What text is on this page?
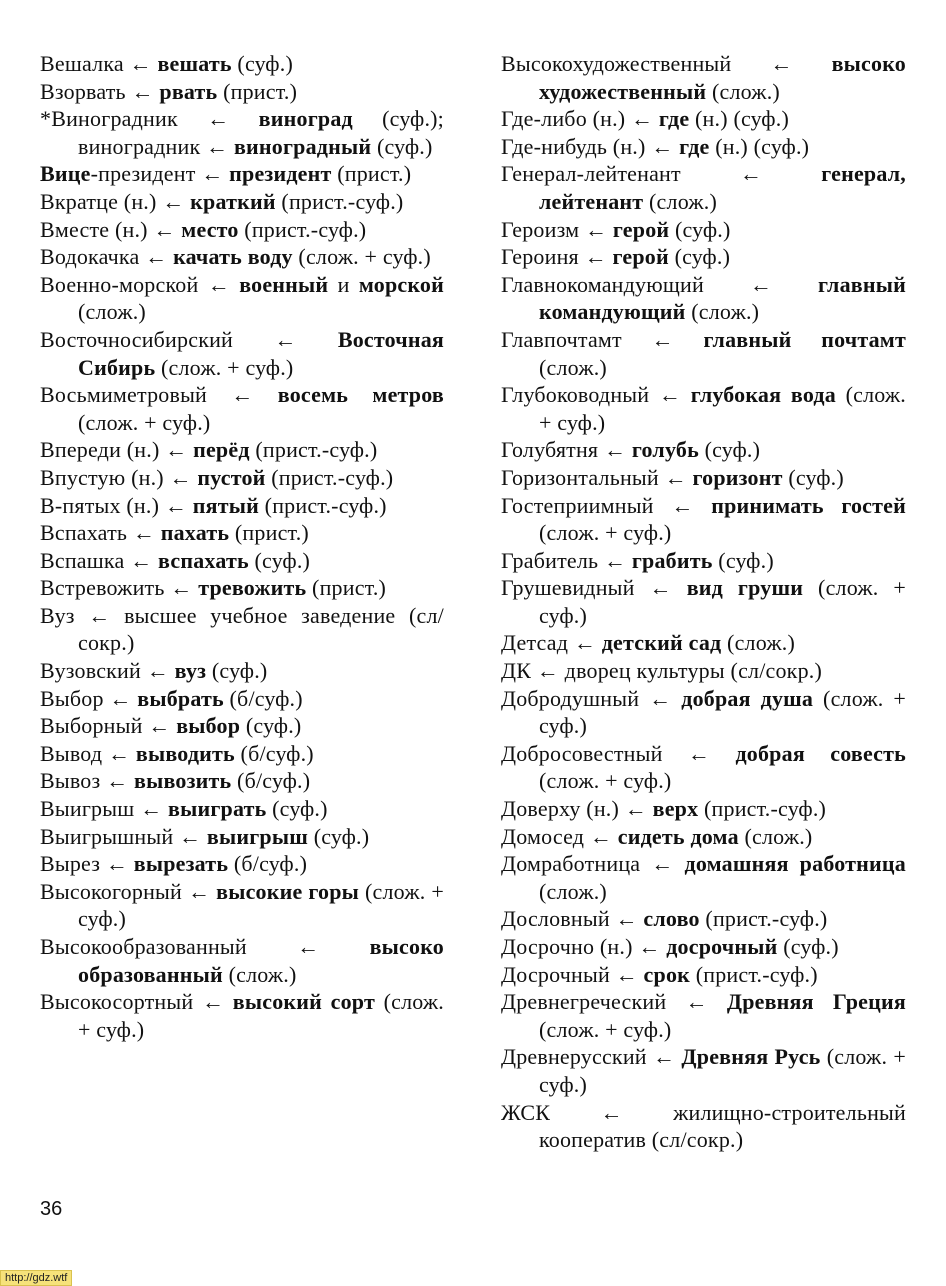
Вешалка ← вешать (суф.)
Взорвать ← рвать (прист.)
*Виноградник ← виноград (суф.); виноградник ← виноградный (суф.)
Вице-президент ← президент (прист.)
Вкратце (н.) ← краткий (прист.-суф.)
Вместе (н.) ← место (прист.-суф.)
Водокачка ← качать воду (слож. + суф.)
Военно-морской ← военный и морской (слож.)
Восточносибирский ← Восточная Сибирь (слож. + суф.)
Восьмиметровый ← восемь метров (слож. + суф.)
Впереди (н.) ← перёд (прист.-суф.)
Впустую (н.) ← пустой (прист.-суф.)
В-пятых (н.) ← пятый (прист.-суф.)
Вспахать ← пахать (прист.)
Вспашка ← вспахать (суф.)
Встревожить ← тревожить (прист.)
Вуз ← высшее учебное заведение (сл/сокр.)
Вузовский ← вуз (суф.)
Выбор ← выбрать (б/суф.)
Выборный ← выбор (суф.)
Вывод ← выводить (б/суф.)
Вывоз ← вывозить (б/суф.)
Выигрыш ← выиграть (суф.)
Выигрышный ← выигрыш (суф.)
Вырез ← вырезать (б/суф.)
Высокогорный ← высокие горы (слож. + суф.)
Высокообразованный ← высоко образованный (слож.)
Высокосортный ← высокий сорт (слож. + суф.)
Высокохудожественный ← высоко художественный (слож.)
Где-либо (н.) ← где (н.) (суф.)
Где-нибудь (н.) ← где (н.) (суф.)
Генерал-лейтенант ← генерал, лейтенант (слож.)
Героизм ← герой (суф.)
Героиня ← герой (суф.)
Главнокомандующий ← главный командующий (слож.)
Главпочтамт ← главный почтамт (слож.)
Глубоководный ← глубокая вода (слож. + суф.)
Голубятня ← голубь (суф.)
Горизонтальный ← горизонт (суф.)
Гостеприимный ← принимать гостей (слож. + суф.)
Грабитель ← грабить (суф.)
Грушевидный ← вид груши (слож. + суф.)
Детсад ← детский сад (слож.)
ДК ← дворец культуры (сл/сокр.)
Добродушный ← добрая душа (слож. + суф.)
Добросовестный ← добрая совесть (слож. + суф.)
Доверху (н.) ← верх (прист.-суф.)
Домосед ← сидеть дома (слож.)
Домработница ← домашняя работница (слож.)
Дословный ← слово (прист.-суф.)
Досрочно (н.) ← досрочный (суф.)
Досрочный ← срок (прист.-суф.)
Древнегреческий ← Древняя Греция (слож. + суф.)
Древнерусский ← Древняя Русь (слож. + суф.)
ЖСК ← жилищно-строительный кооператив (сл/сокр.)
36
http://gdz.wtf
